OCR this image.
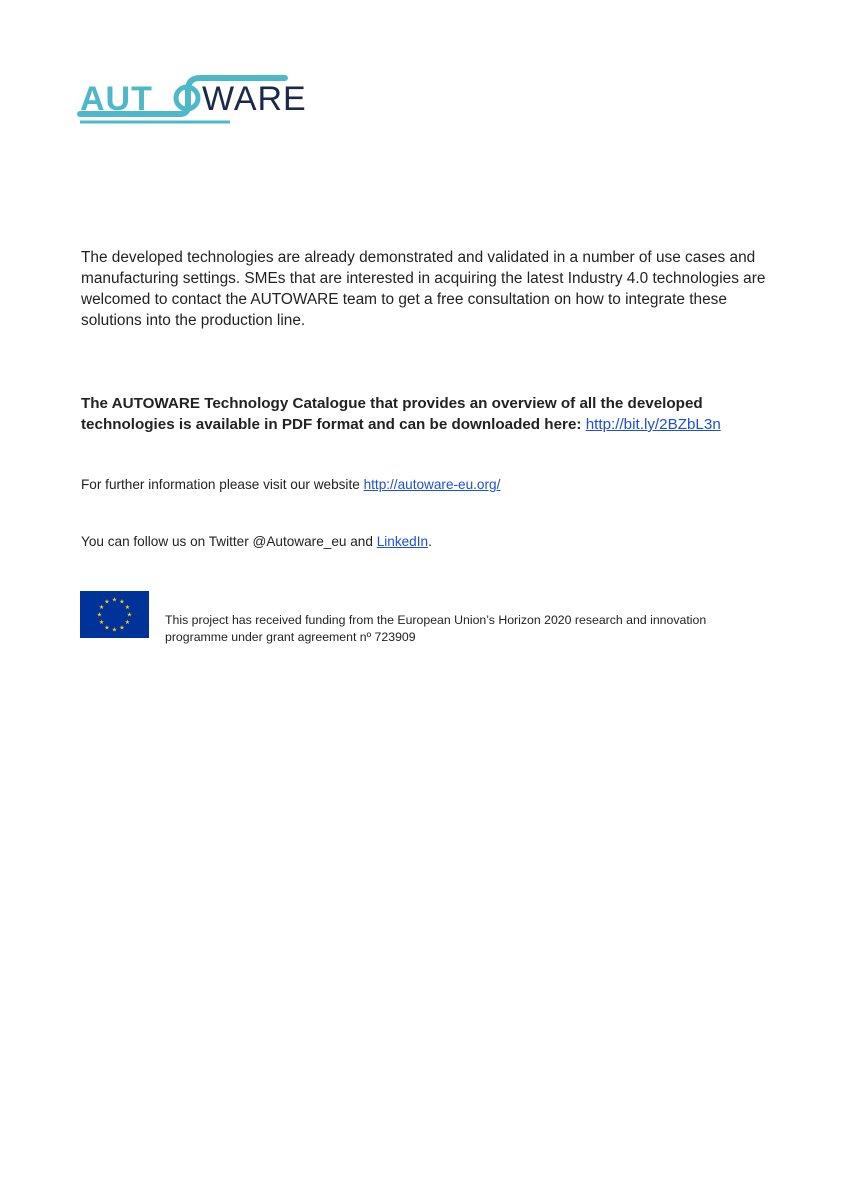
AUT WARE
The developed technologies are already demonstrated and validated in a number of use cases and manufacturing settings. SMEs that are interested in acquiring the latest Industry 4.0 technologies are welcomed to contact the AUTOWARE team to get a free consultation on how to integrate these solutions into the production line.
The AUTOWARE Technology Catalogue that provides an overview of all the developed technologies is available in PDF format and can be downloaded here: http://bit.ly/2BZbL3n
For further information please visit our website http://autoware-eu.org/
You can follow us on Twitter @Autoware_eu and LinkedIn.
★ ★
★
★
★
★
★
★
★
★
★
★
This project has received funding from the European Union’s Horizon 2020 research and innovation
programme under grant agreement nº 723909
